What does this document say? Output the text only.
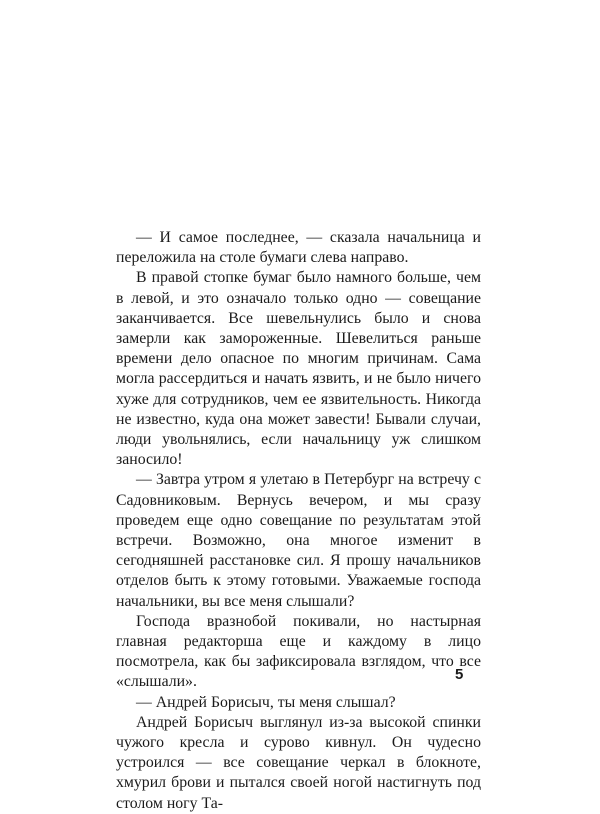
— И самое последнее, — сказала начальница и переложила на столе бумаги слева направо.

В правой стопке бумаг было намного больше, чем в левой, и это означало только одно — совещание заканчивается. Все шевельнулись было и снова замерли как замороженные. Шевелиться раньше времени дело опасное по многим причинам. Сама могла рассердиться и начать язвить, и не было ничего хуже для сотрудников, чем ее язвительность. Никогда не известно, куда она может завести! Бывали случаи, люди увольнялись, если начальницу уж слишком заносило!

— Завтра утром я улетаю в Петербург на встречу с Садовниковым. Вернусь вечером, и мы сразу проведем еще одно совещание по результатам этой встречи. Возможно, она многое изменит в сегодняшней расстановке сил. Я прошу начальников отделов быть к этому готовыми. Уважаемые господа начальники, вы все меня слышали?

Господа вразнобой покивали, но настырная главная редакторша еще и каждому в лицо посмотрела, как бы зафиксировала взглядом, что все «слышали».

— Андрей Борисыч, ты меня слышал?

Андрей Борисыч выглянул из-за высокой спинки чужого кресла и сурово кивнул. Он чудесно устроился — все совещание черкал в блокноте, хмурил брови и пытался своей ногой настигнуть под столом ногу Та-

5
